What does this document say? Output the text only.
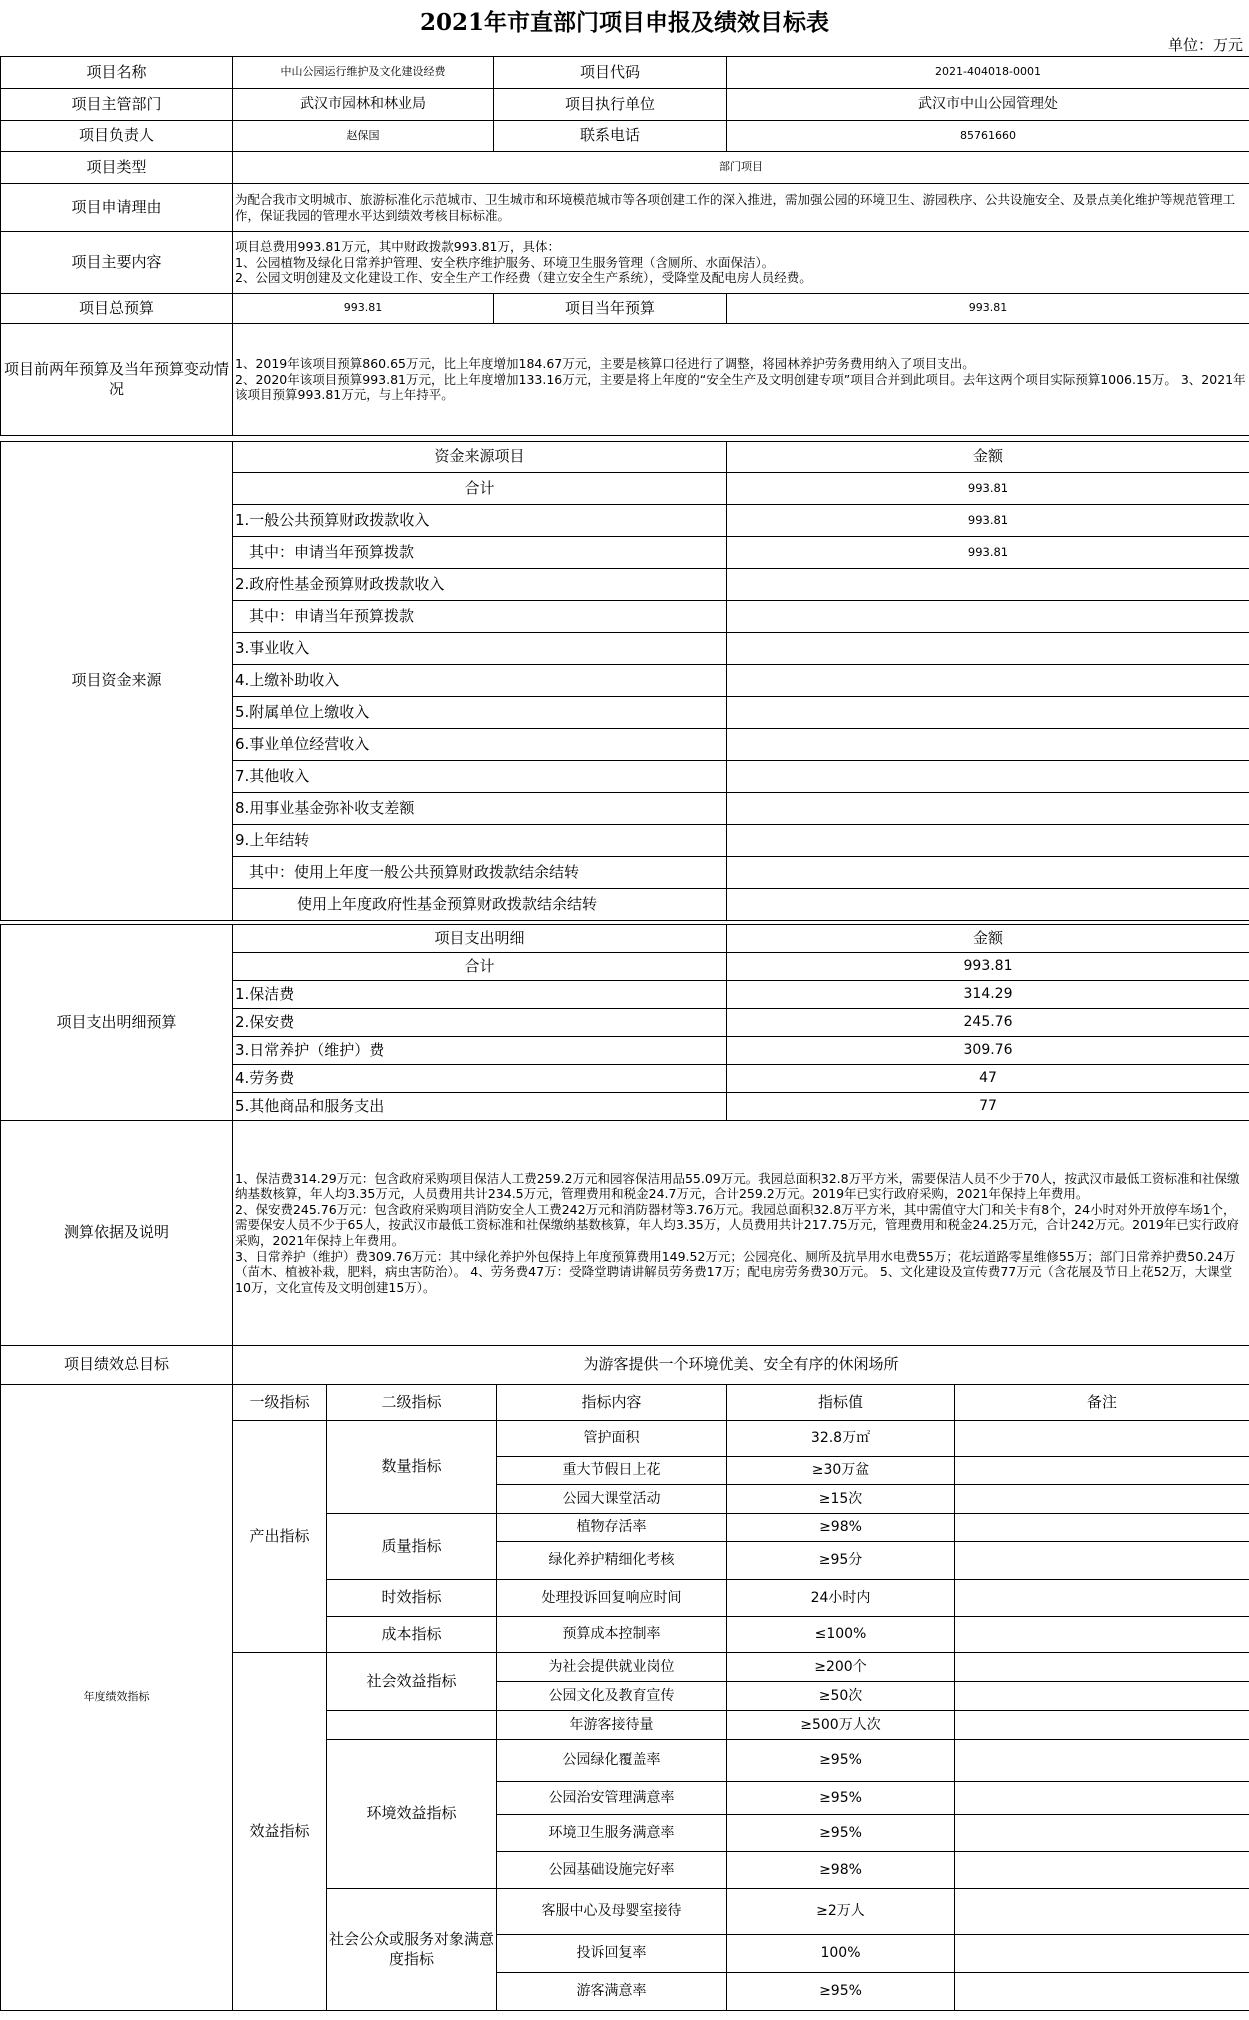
2021年市直部门项目申报及绩效目标表
单位：万元
项目名称	中山公园运行维护及文化建设经费	项目代码	2021-404018-0001
项目主管部门	武汉市园林和林业局	项目执行单位	武汉市中山公园管理处
项目负责人	赵保国	联系电话	85761660
项目类型	部门项目		
项目申请理由	为配合我市文明城市、旅游标准化示范城市、卫生城市和环境模范城市等各项创建工作的深入推进，需加强公园的环境卫生、游园秩序、公共设施安全、及景点美化维护等规范管理工作，保证我园的管理水平达到绩效考核目标标准。		
项目主要内容	项目总费用993.81万元，其中财政拨款993.81万，具体：
1、公园植物及绿化日常养护管理、安全秩序维护服务、环境卫生服务管理（含厕所、水面保洁）。
2、公园文明创建及文化建设工作、安全生产工作经费（建立安全生产系统），受降堂及配电房人员经费。		
项目总预算	993.81	项目当年预算	993.81
项目前两年预算及当年预算变动情况	1、2019年该项目预算860.65万元，比上年度增加184.67万元，主要是核算口径进行了调整，将园林养护劳务费用纳入了项目支出。
2、2020年该项目预算993.81万元，比上年度增加133.16万元，主要是将上年度的“安全生产及文明创建专项”项目合并到此项目。去年这两个项目实际预算1006.15万。 3、2021年该项目预算993.81万元，与上年持平。		
项目资金来源	资金来源项目	金额
	合计	993.81
	1.一般公共预算财政拨款收入	993.81
	其中：申请当年预算拨款	993.81
	2.政府性基金预算财政拨款收入	
	其中：申请当年预算拨款	
	3.事业收入	
	4.上缴补助收入	
	5.附属单位上缴收入	
	6.事业单位经营收入	
	7.其他收入	
	8.用事业基金弥补收支差额	
	9.上年结转	
	其中：使用上年度一般公共预算财政拨款结余结转	
	使用上年度政府性基金预算财政拨款结余结转	
项目支出明细预算	项目支出明细	金额
	合计	993.81
	1.保洁费	314.29
	2.保安费	245.76
	3.日常养护（维护）费	309.76
	4.劳务费	47
	5.其他商品和服务支出	77
测算依据及说明	1、保洁费314.29万元：包含政府采购项目保洁人工费259.2万元和园容保洁用品55.09万元。我园总面积32.8万平方米，需要保洁人员不少于70人，按武汉市最低工资标准和社保缴纳基数核算，年人均3.35万元，人员费用共计234.5万元，管理费用和税金24.7万元，合计259.2万元。2019年已实行政府采购，2021年保持上年费用。
2、保安费245.76万元：包含政府采购项目消防安全人工费242万元和消防器材等3.76万元。我园总面积32.8万平方米，其中需值守大门和关卡有8个，24小时对外开放停车场1个，需要保安人员不少于65人，按武汉市最低工资标准和社保缴纳基数核算，年人均3.35万，人员费用共计217.75万元，管理费用和税金24.25万元，合计242万元。2019年已实行政府采购，2021年保持上年费用。
3、日常养护（维护）费309.76万元：其中绿化养护外包保持上年度预算费用149.52万元；公园亮化、厕所及抗旱用水电费55万；花坛道路零星维修55万；部门日常养护费50.24万（苗木、植被补栽，肥料，病虫害防治）。 4、劳务费47万：受降堂聘请讲解员劳务费17万；配电房劳务费30万元。 5、文化建设及宣传费77万元（含花展及节日上花52万，大课堂10万，文化宣传及文明创建15万）。
项目绩效总目标	为游客提供一个环境优美、安全有序的休闲场所
年度绩效指标	一级指标	二级指标	指标内容	指标值	备注
	产出指标	数量指标	管护面积	32.8万㎡	
			重大节假日上花	≥30万盆	
			公园大课堂活动	≥15次	
		质量指标	植物存活率	≥98%	
			绿化养护精细化考核	≥95分	
		时效指标	处理投诉回复响应时间	24小时内	
		成本指标	预算成本控制率	≤100%	
	效益指标	社会效益指标	为社会提供就业岗位	≥200个	
			公园文化及教育宣传	≥50次	
			年游客接待量	≥500万人次	
		环境效益指标	公园绿化覆盖率	≥95%	
			公园治安管理满意率	≥95%	
			环境卫生服务满意率	≥95%	
			公园基础设施完好率	≥98%	
		社会公众或服务对象满意度指标	客服中心及母婴室接待	≥2万人	
			投诉回复率	100%	
			游客满意率	≥95%	
